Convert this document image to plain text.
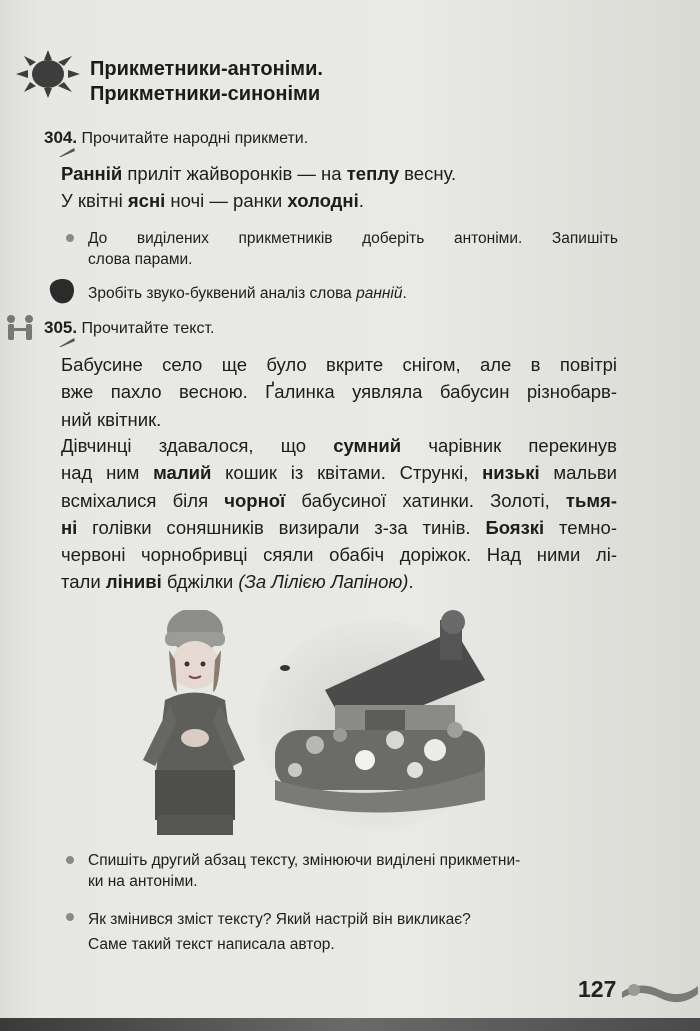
Прикметники-антоніми.
Прикметники-синоніми
304. Прочитайте народні прикмети.
Ранній приліт жайворонків — на теплу весну.
У квітні ясні ночі — ранки холодні.
До виділених прикметників доберіть антоніми. Запишіть
слова парами.
Зробіть звуко-буквений аналіз слова ранній.
305. Прочитайте текст.
Бабусине село ще було вкрите снігом, але в повітрі
вже пахло весною. Ґалинка уявляла бабусин різнобарв-
ний квітник.
Дівчинці здавалося, що сумний чарівник перекинув
над ним малий кошик із квітами. Стрункі, низькі мальви
всміхалися біля чорної бабусиної хатинки. Золоті, тьмя-
ні голівки соняшників визирали з-за тинів. Боязкі темно-
червоні чорнобривці сяяли обабіч доріжок. Над ними лі-
тали ліниві бджілки (За Лілією Лапіною).
Спишіть другий абзац тексту, змінюючи виділені прикметни-
ки на антоніми.
Як змінився зміст тексту? Який настрій він викликає?
Саме такий текст написала автор.
127
